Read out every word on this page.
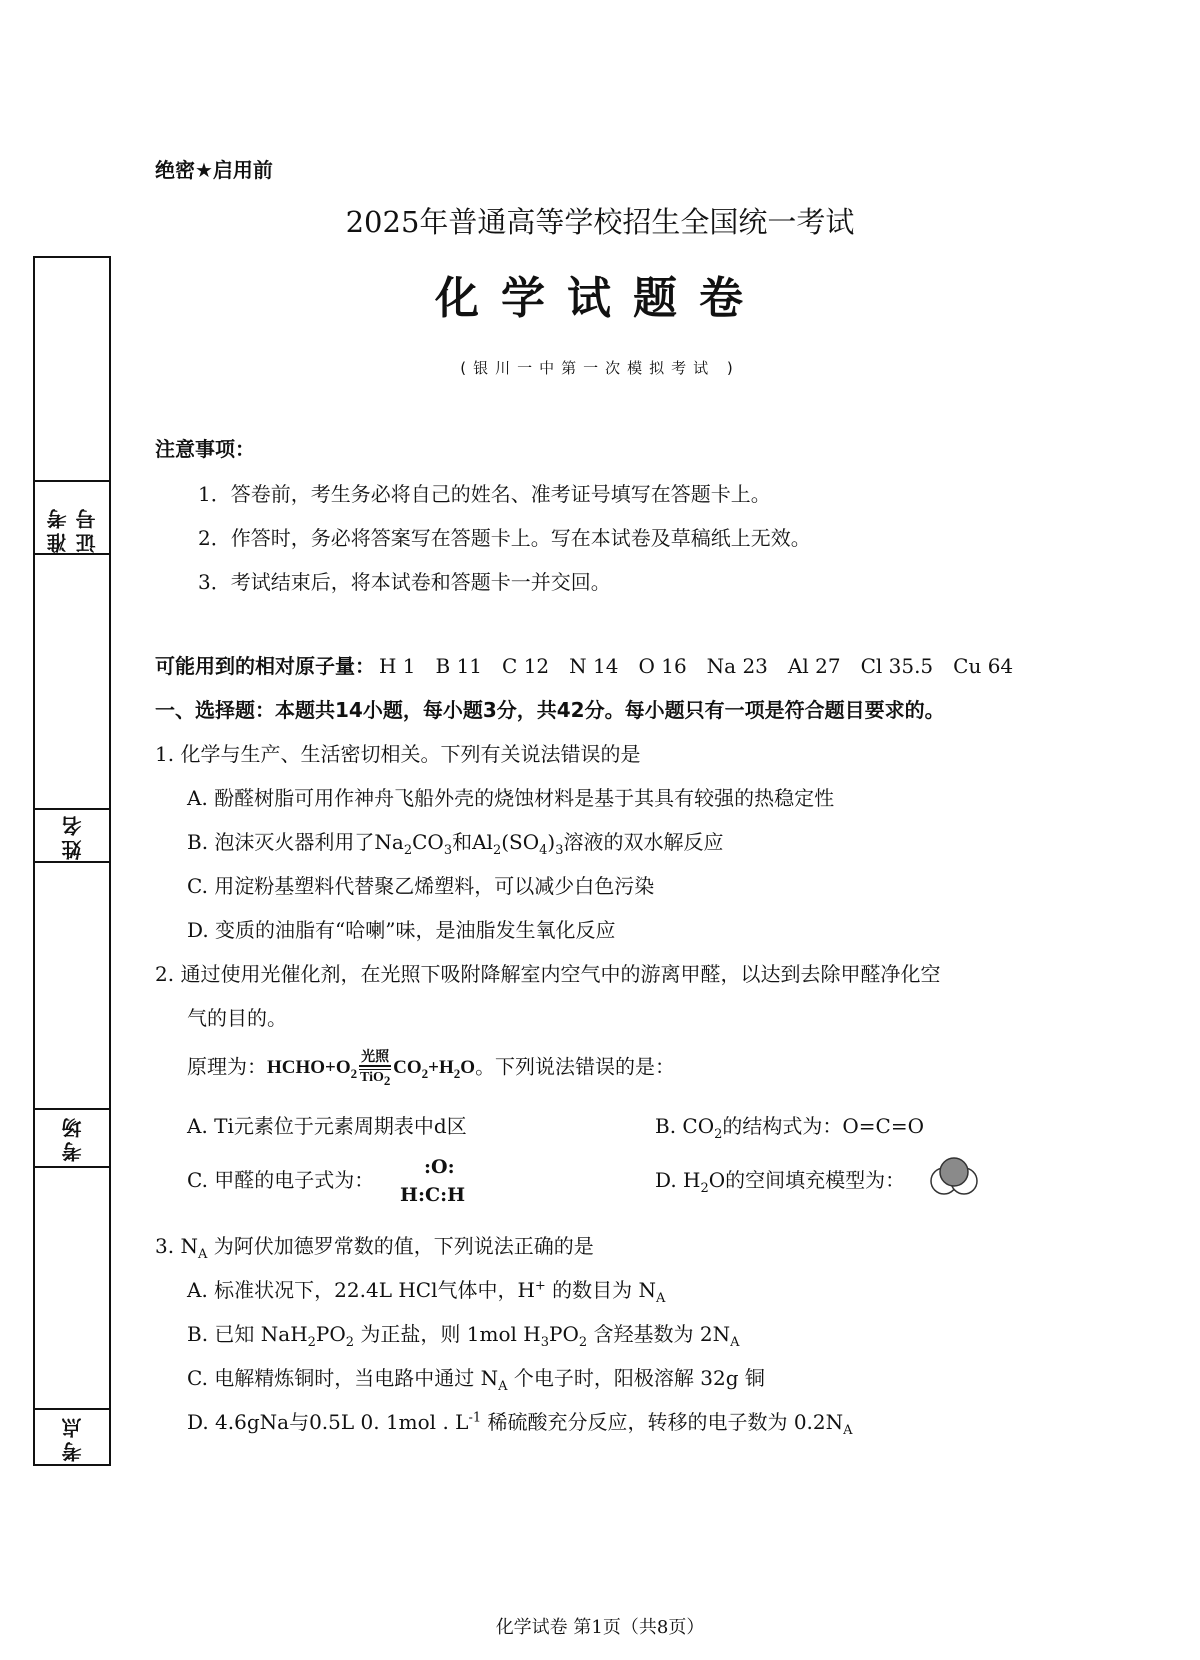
准考证号
姓名
考场
考点
绝密★启用前
2025年普通高等学校招生全国统一考试
化学试题卷
(银川一中第一次模拟考试 )
注意事项：
1．答卷前，考生务必将自己的姓名、准考证号填写在答题卡上。
2．作答时，务必将答案写在答题卡上。写在本试卷及草稿纸上无效。
3．考试结束后，将本试卷和答题卡一并交回。
可能用到的相对原子量： H 1 B 11 C 12 N 14 O 16 Na 23 Al 27 Cl 35.5 Cu 64
一、选择题：本题共14小题，每小题3分，共42分。每小题只有一项是符合题目要求的。
1. 化学与生产、生活密切相关。下列有关说法错误的是
A. 酚醛树脂可用作神舟飞船外壳的烧蚀材料是基于其具有较强的热稳定性
B. 泡沫灭火器利用了$Na_2CO_3$和$Al_2(SO_4)_3$溶液的双水解反应
C. 用淀粉基塑料代替聚乙烯塑料，可以减少白色污染
D. 变质的油脂有“哈喇”味，是油脂发生氧化反应
2. 通过使用光催化剂，在光照下吸附降解室内空气中的游离甲醛，以达到去除甲醛净化空
气的目的。
原理为：$HCHO+O_2$
光照
TiO$_2$
$CO_2+H_2O$。下列说法错误的是：
A. Ti元素位于元素周期表中d区	B. $CO_2$的结构式为：O=C=O
C. 甲醛的电子式为：
:O:
H:C:H
D. $H_2O$的空间填充模型为：
3. $N_A$ 为阿伏加德罗常数的值，下列说法正确的是
A. 标准状况下，22.4L HCl气体中，H+ 的数目为 $N_A$
B. 已知 $NaH_2PO_2$ 为正盐，则 1mol $H_3PO_2$ 含羟基数为 $2N_A$
C. 电解精炼铜时，当电路中通过 $N_A$ 个电子时，阳极溶解 32g 铜
D. 4.6gNa与0.5L 0. 1mol . $L^{-1}$ 稀硫酸充分反应，转移的电子数为 $0.2N_A$
化学试卷 第1页（共8页）
